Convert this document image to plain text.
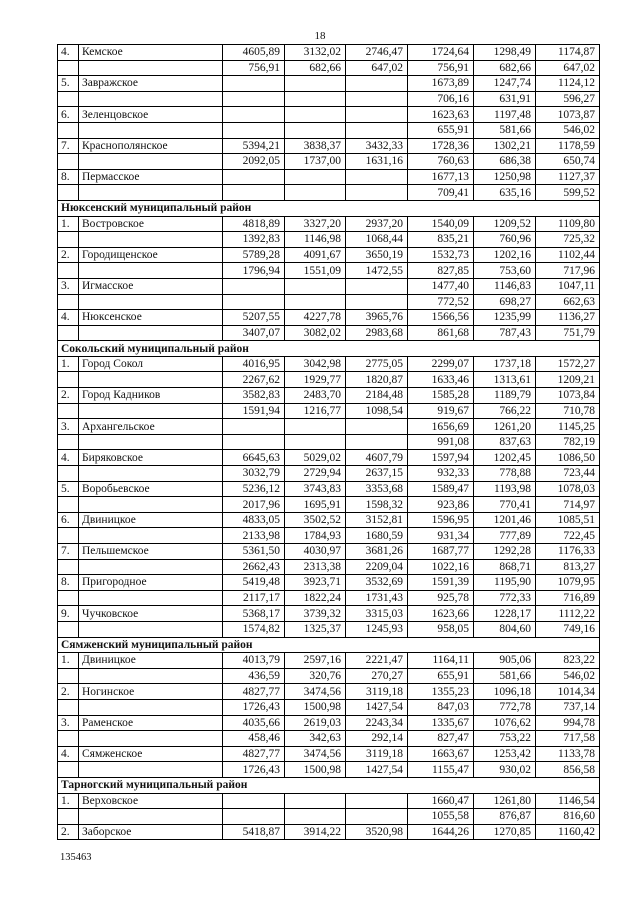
18
4.	Кемское	4605,89	3132,02	2746,47	1724,64	1298,49	1174,87
		756,91	682,66	647,02	756,91	682,66	647,02
5.	Завражское				1673,89	1247,74	1124,12
					706,16	631,91	596,27
6.	Зеленцовское				1623,63	1197,48	1073,87
					655,91	581,66	546,02
7.	Краснополянское	5394,21	3838,37	3432,33	1728,36	1302,21	1178,59
		2092,05	1737,00	1631,16	760,63	686,38	650,74
8.	Пермасское				1677,13	1250,98	1127,37
					709,41	635,16	599,52
Нюксенский муниципальный район							
1.	Востровское	4818,89	3327,20	2937,20	1540,09	1209,52	1109,80
		1392,83	1146,98	1068,44	835,21	760,96	725,32
2.	Городищенское	5789,28	4091,67	3650,19	1532,73	1202,16	1102,44
		1796,94	1551,09	1472,55	827,85	753,60	717,96
3.	Игмасское				1477,40	1146,83	1047,11
					772,52	698,27	662,63
4.	Нюксенское	5207,55	4227,78	3965,76	1566,56	1235,99	1136,27
		3407,07	3082,02	2983,68	861,68	787,43	751,79
Сокольский муниципальный район							
1.	Город Сокол	4016,95	3042,98	2775,05	2299,07	1737,18	1572,27
		2267,62	1929,77	1820,87	1633,46	1313,61	1209,21
2.	Город Кадников	3582,83	2483,70	2184,48	1585,28	1189,79	1073,84
		1591,94	1216,77	1098,54	919,67	766,22	710,78
3.	Архангельское				1656,69	1261,20	1145,25
					991,08	837,63	782,19
4.	Биряковское	6645,63	5029,02	4607,79	1597,94	1202,45	1086,50
		3032,79	2729,94	2637,15	932,33	778,88	723,44
5.	Воробьевское	5236,12	3743,83	3353,68	1589,47	1193,98	1078,03
		2017,96	1695,91	1598,32	923,86	770,41	714,97
6.	Двиницкое	4833,05	3502,52	3152,81	1596,95	1201,46	1085,51
		2133,98	1784,93	1680,59	931,34	777,89	722,45
7.	Пельшемское	5361,50	4030,97	3681,26	1687,77	1292,28	1176,33
		2662,43	2313,38	2209,04	1022,16	868,71	813,27
8.	Пригородное	5419,48	3923,71	3532,69	1591,39	1195,90	1079,95
		2117,17	1822,24	1731,43	925,78	772,33	716,89
9.	Чучковское	5368,17	3739,32	3315,03	1623,66	1228,17	1112,22
		1574,82	1325,37	1245,93	958,05	804,60	749,16
Сямженский муниципальный район							
1.	Двиницкое	4013,79	2597,16	2221,47	1164,11	905,06	823,22
		436,59	320,76	270,27	655,91	581,66	546,02
2.	Ногинское	4827,77	3474,56	3119,18	1355,23	1096,18	1014,34
		1726,43	1500,98	1427,54	847,03	772,78	737,14
3.	Раменское	4035,66	2619,03	2243,34	1335,67	1076,62	994,78
		458,46	342,63	292,14	827,47	753,22	717,58
4.	Сямженское	4827,77	3474,56	3119,18	1663,67	1253,42	1133,78
		1726,43	1500,98	1427,54	1155,47	930,02	856,58
Тарногский муниципальный район							
1.	Верховское				1660,47	1261,80	1146,54
					1055,58	876,87	816,60
2.	Заборское	5418,87	3914,22	3520,98	1644,26	1270,85	1160,42
135463
